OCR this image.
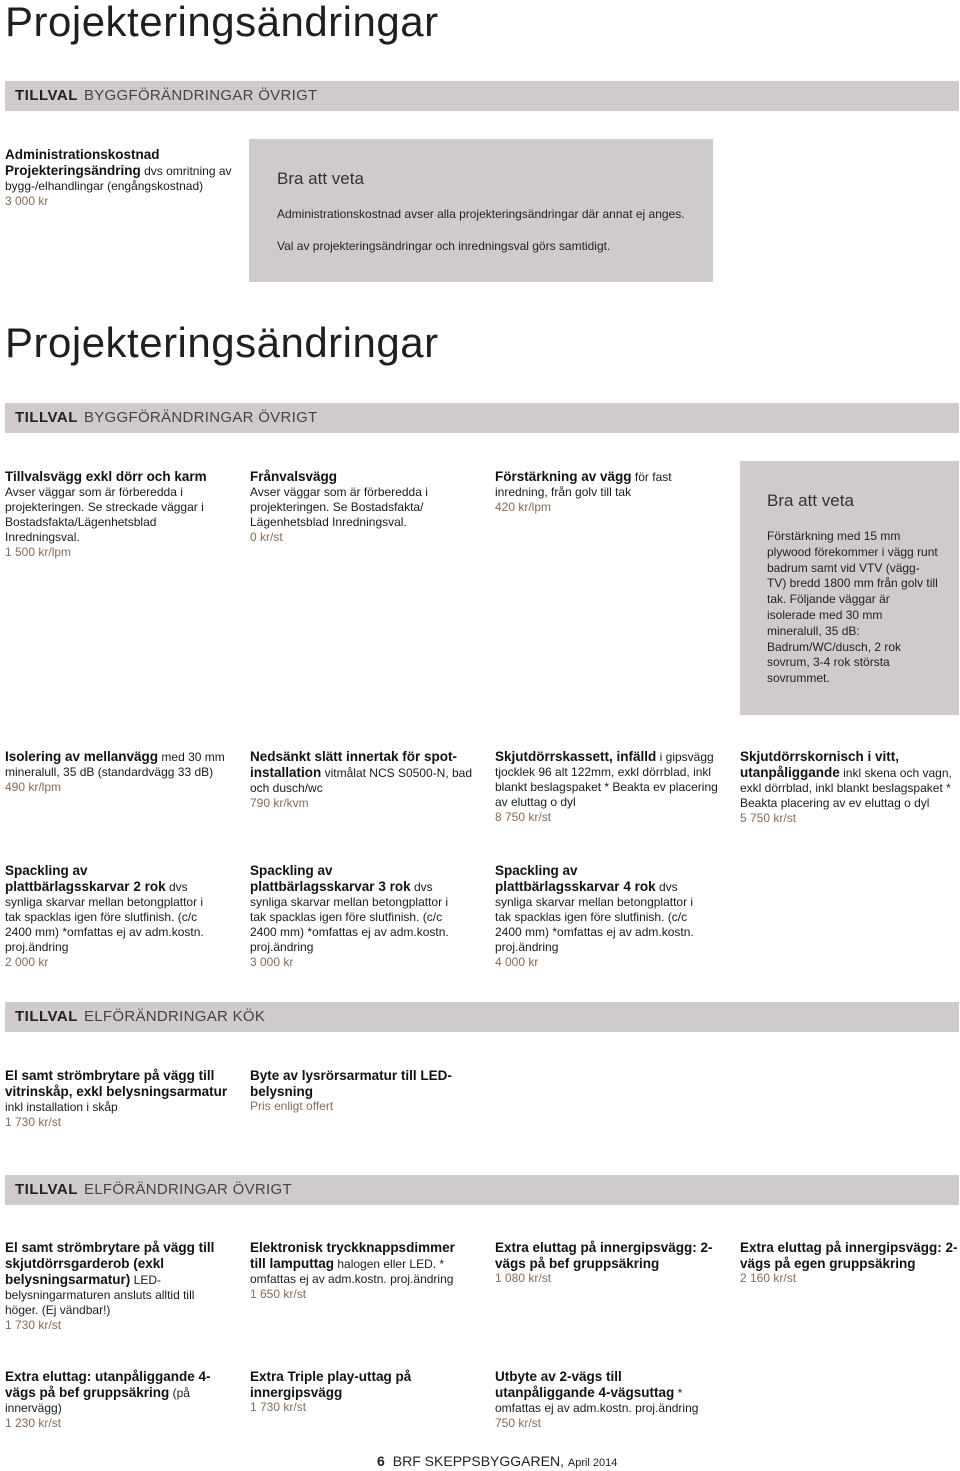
Projekteringsändringar
TILLVAL BYGGFÖRÄNDRINGAR ÖVRIGT
Administrationskostnad
Projekteringsändring dvs omritning av bygg-/elhandlingar (engångskostnad)
3 000 kr
Bra att veta
Administrationskostnad avser alla projekteringsändringar där annat ej anges.
Val av projekteringsändringar och inredningsval görs samtidigt.
Projekteringsändringar
TILLVAL BYGGFÖRÄNDRINGAR ÖVRIGT
Tillvalsvägg exkl dörr och karm Avser väggar som är förberedda i projekteringen. Se streckade väggar i Bostadsfakta/Lägenhetsblad Inredningsval.
1 500 kr/lpm
Frånvalsvägg
Avser väggar som är förberedda i projekteringen. Se Bostadsfakta/ Lägenhetsblad Inredningsval.
0 kr/st
Förstärkning av vägg för fast inredning, från golv till tak
420 kr/lpm	Bra att veta
Förstärkning med 15 mm plywood förekommer i vägg runt badrum samt vid VTV (vägg-TV) bredd 1800 mm från golv till tak. Följande väggar är isolerade med 30 mm mineralull, 35 dB: Badrum/WC/dusch, 2 rok sovrum, 3-4 rok största sovrummet.
Isolering av mellanvägg med 30 mm mineralull, 35 dB (standardvägg 33 dB)
490 kr/lpm
Nedsänkt slätt innertak för spot-installation vitmålat NCS S0500-N, bad och dusch/wc
790 kr/kvm
Skjutdörrskassett, infälld i gipsvägg tjocklek 96 alt 122mm, exkl dörrblad, inkl blankt beslagspaket * Beakta ev placering av eluttag o dyl
8 750 kr/st
Skjutdörrskornisch i vitt, utanpåliggande inkl skena och vagn, exkl dörrblad, inkl blankt beslagspaket * Beakta placering av ev eluttag o dyl
5 750 kr/st
Spackling av plattbärlagsskarvar 2 rok dvs synliga skarvar mellan betongplattor i tak spacklas igen före slutfinish. (c/c 2400 mm) *omfattas ej av adm.kostn. proj.ändring
2 000 kr
Spackling av plattbärlagsskarvar 3 rok dvs synliga skarvar mellan betongplattor i tak spacklas igen före slutfinish. (c/c 2400 mm) *omfattas ej av adm.kostn. proj.ändring
3 000 kr
Spackling av plattbärlagsskarvar 4 rok dvs synliga skarvar mellan betongplattor i tak spacklas igen före slutfinish. (c/c 2400 mm) *omfattas ej av adm.kostn. proj.ändring
4 000 kr
TILLVAL ELFÖRÄNDRINGAR KÖK
El samt strömbrytare på vägg till vitrinskåp, exkl belysningsarmatur inkl installation i skåp
1 730 kr/st
Byte av lysrörsarmatur till LED-belysning
Pris enligt offert
TILLVAL ELFÖRÄNDRINGAR ÖVRIGT
El samt strömbrytare på vägg till skjutdörrsgarderob (exkl belysningsarmatur) LED-belysningarmaturen ansluts alltid till höger. (Ej vändbar!)
1 730 kr/st
Elektronisk tryckknappsdimmer till lamputtag halogen eller LED. * omfattas ej av adm.kostn. proj.ändring
1 650 kr/st
Extra eluttag på innergipsvägg: 2-vägs på bef gruppsäkring
1 080 kr/st
Extra eluttag på innergipsvägg: 2-vägs på egen gruppsäkring
2 160 kr/st
Extra eluttag: utanpåliggande 4-vägs på bef gruppsäkring (på innervägg)
1 230 kr/st
Extra Triple play-uttag på innergipsvägg
1 730 kr/st
Utbyte av 2-vägs till utanpåliggande 4-vägsuttag * omfattas ej av adm.kostn. proj.ändring
750 kr/st
6 BRF SKEPPSBYGGAREN, April 2014
